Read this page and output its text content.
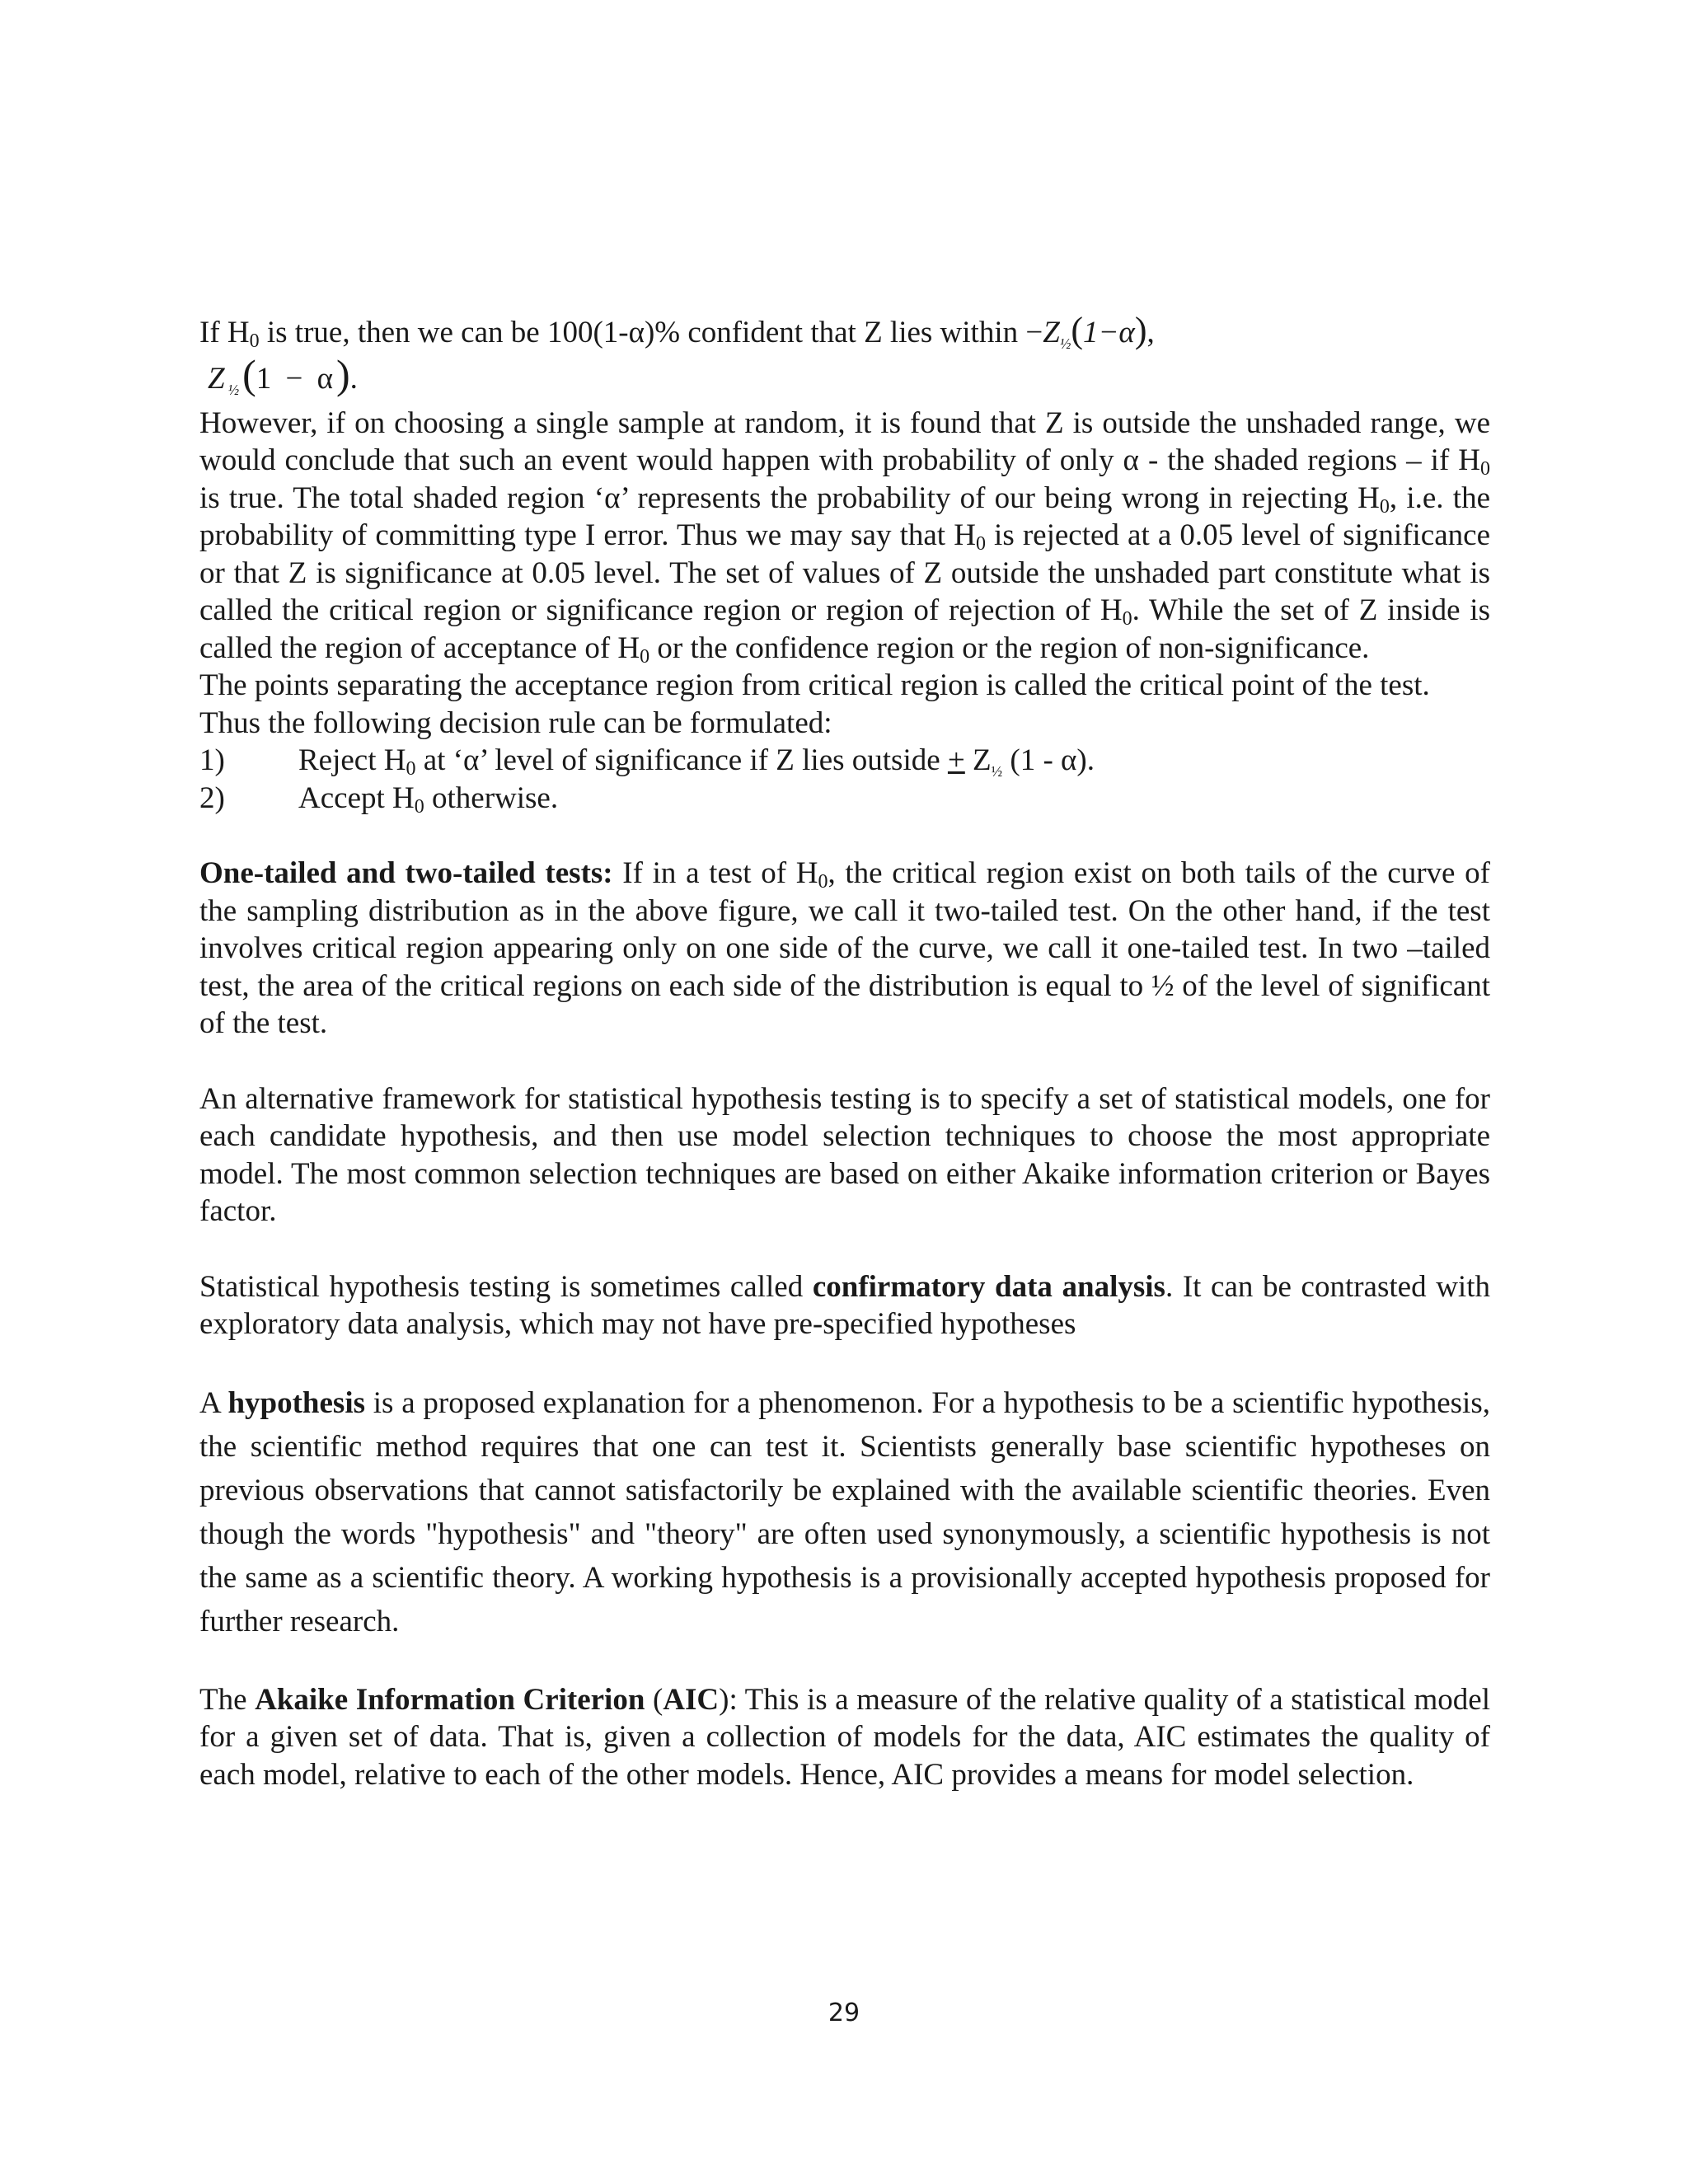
If $H_0$ is true, then we can be 100(1-α)% confident that Z lies within $-Z_{\frac{1}{2}}(1-\alpha)$,

$Z_{\frac{1}{2}}(1 - \alpha)$.

However, if on choosing a single sample at random, it is found that Z is outside the unshaded range, we would conclude that such an event would happen with probability of only α - the shaded regions – if $H_0$ is true. The total shaded region ‘α’ represents the probability of our being wrong in rejecting $H_0$, i.e. the probability of committing type I error. Thus we may say that $H_0$ is rejected at a 0.05 level of significance or that Z is significance at 0.05 level. The set of values of Z outside the unshaded part constitute what is called the critical region or significance region or region of rejection of $H_0$. While the set of Z inside is called the region of acceptance of $H_0$ or the confidence region or the region of non-significance.

The points separating the acceptance region from critical region is called the critical point of the test.

Thus the following decision rule can be formulated:

1)	Reject $H_0$ at ‘α’ level of significance if Z lies outside + $Z_{\frac{1}{2}}$ (1 - α).
2)	Accept $H_0$ otherwise.

One-tailed and two-tailed tests: If in a test of $H_0$, the critical region exist on both tails of the curve of the sampling distribution as in the above figure, we call it two-tailed test. On the other hand, if the test involves critical region appearing only on one side of the curve, we call it one-tailed test. In two –tailed test, the area of the critical regions on each side of the distribution is equal to ½ of the level of significant of the test.

An alternative framework for statistical hypothesis testing is to specify a set of statistical models, one for each candidate hypothesis, and then use model selection techniques to choose the most appropriate model. The most common selection techniques are based on either Akaike information criterion or Bayes factor.

Statistical hypothesis testing is sometimes called confirmatory data analysis. It can be contrasted with exploratory data analysis, which may not have pre-specified hypotheses

A hypothesis is a proposed explanation for a phenomenon. For a hypothesis to be a scientific hypothesis, the scientific method requires that one can test it. Scientists generally base scientific hypotheses on previous observations that cannot satisfactorily be explained with the available scientific theories. Even though the words "hypothesis" and "theory" are often used synonymously, a scientific hypothesis is not the same as a scientific theory. A working hypothesis is a provisionally accepted hypothesis proposed for further research.

The Akaike Information Criterion (AIC): This is a measure of the relative quality of a statistical model for a given set of data. That is, given a collection of models for the data, AIC estimates the quality of each model, relative to each of the other models. Hence, AIC provides a means for model selection.

29
